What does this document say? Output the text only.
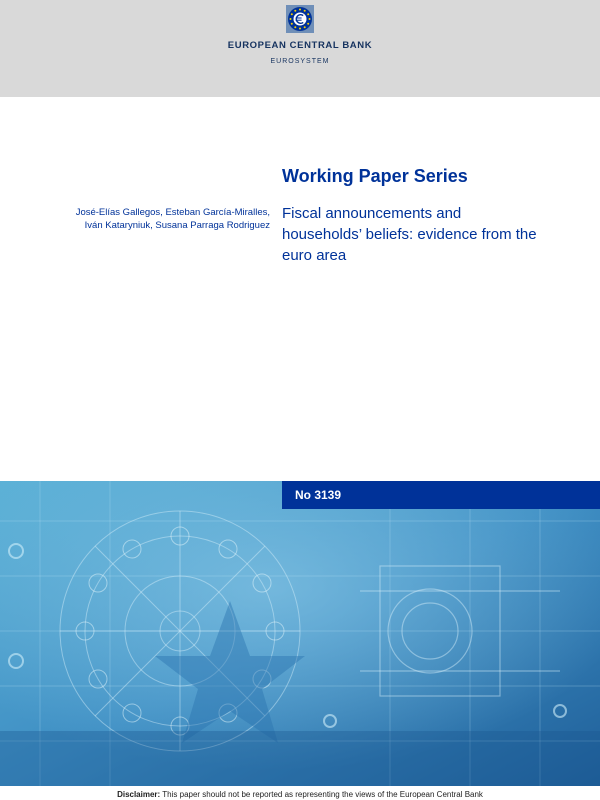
EUROPEAN CENTRAL BANK
EUROSYSTEM
Working Paper Series
José-Elías Gallegos, Esteban García-Miralles,
Iván Kataryniuk, Susana Parraga Rodriguez
Fiscal announcements and
households’ beliefs: evidence from the
euro area
No 3139
Disclaimer: This paper should not be reported as representing the views of the European Central Bank
